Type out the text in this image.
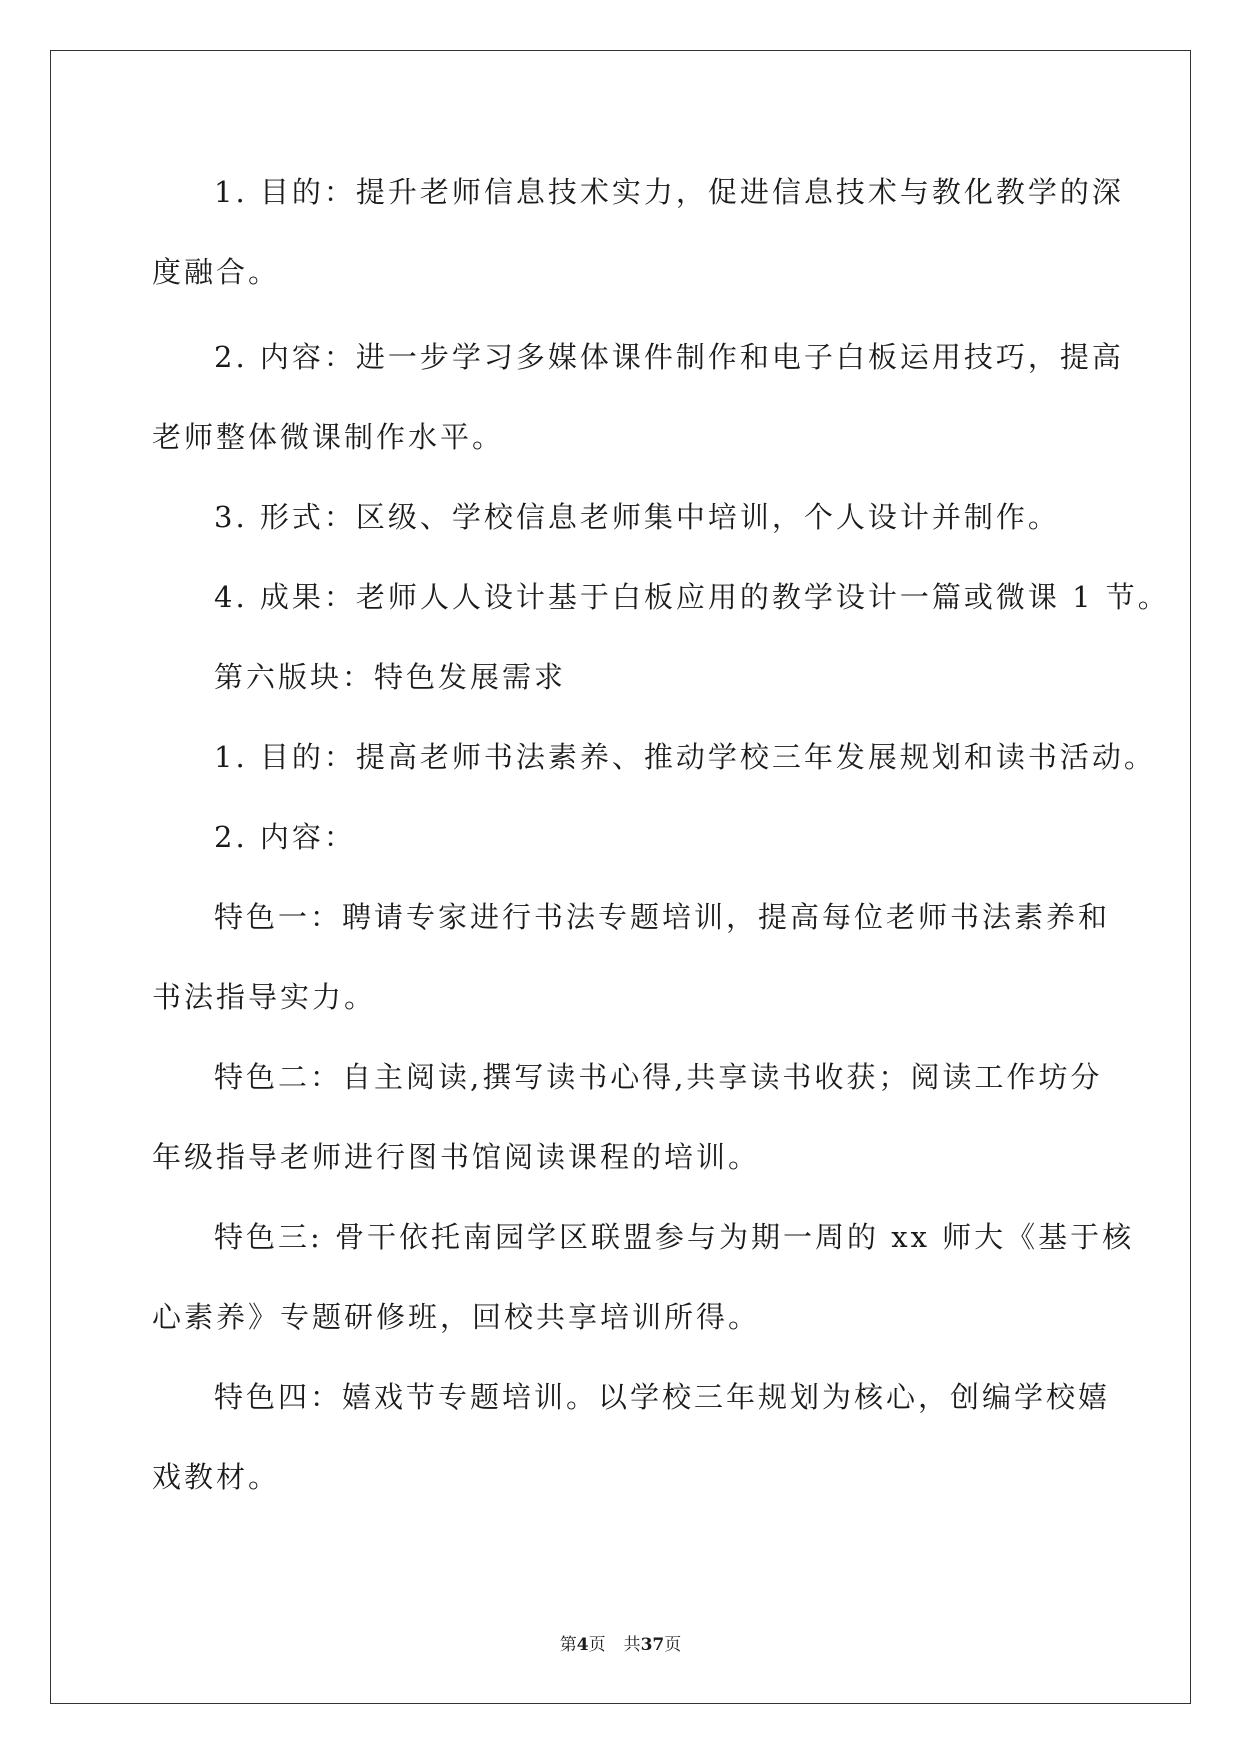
1. 目的：提升老师信息技术实力，促进信息技术与教化教学的深
度融合。
2. 内容：进一步学习多媒体课件制作和电子白板运用技巧，提高
老师整体微课制作水平。
3. 形式：区级、学校信息老师集中培训，个人设计并制作。
4. 成果：老师人人设计基于白板应用的教学设计一篇或微课 1 节。
第六版块：特色发展需求
1. 目的：提高老师书法素养、推动学校三年发展规划和读书活动。
2. 内容：
特色一：聘请专家进行书法专题培训，提高每位老师书法素养和
书法指导实力。
特色二：自主阅读,撰写读书心得,共享读书收获；阅读工作坊分
年级指导老师进行图书馆阅读课程的培训。
特色三: 骨干依托南园学区联盟参与为期一周的 xx 师大《基于核
心素养》专题研修班，回校共享培训所得。
特色四：嬉戏节专题培训。以学校三年规划为核心，创编学校嬉
戏教材。
第4页 共37页
